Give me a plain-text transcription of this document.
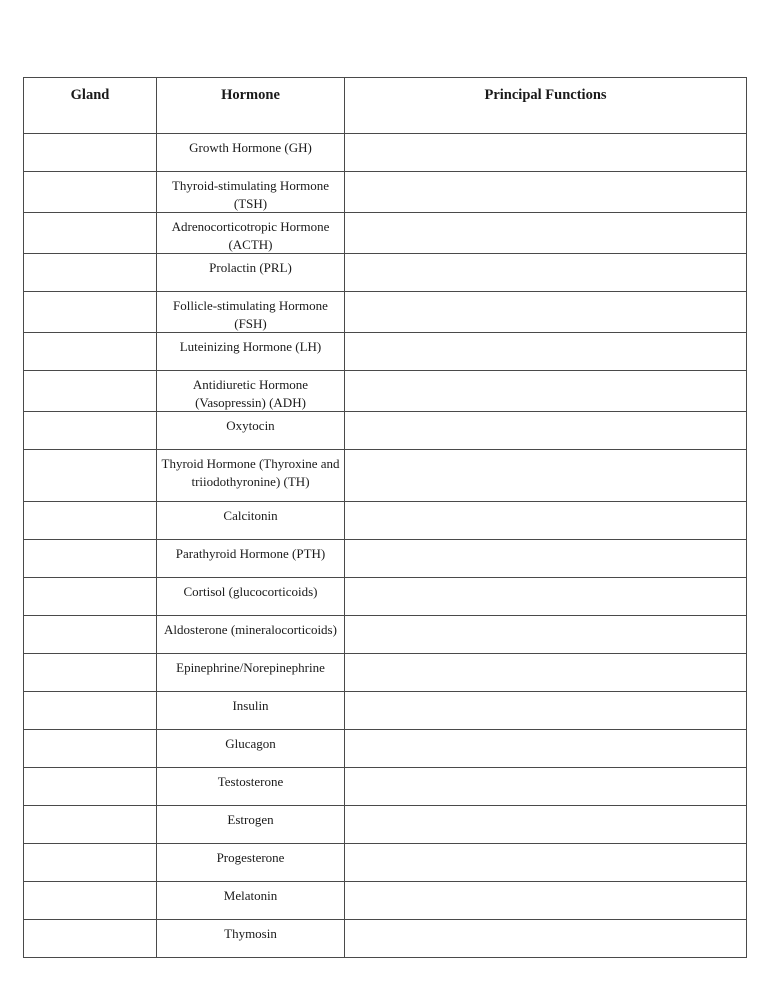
Gland	Hormone	Principal Functions
	Growth Hormone (GH)	
	Thyroid-stimulating Hormone (TSH)	
	Adrenocorticotropic Hormone (ACTH)	
	Prolactin (PRL)	
	Follicle-stimulating Hormone (FSH)	
	Luteinizing Hormone (LH)	
	Antidiuretic Hormone (Vasopressin) (ADH)	
	Oxytocin	
	Thyroid Hormone (Thyroxine and triiodothyronine) (TH)	
	Calcitonin	
	Parathyroid Hormone (PTH)	
	Cortisol (glucocorticoids)	
	Aldosterone (mineralocorticoids)	
	Epinephrine/Norepinephrine	
	Insulin	
	Glucagon	
	Testosterone	
	Estrogen	
	Progesterone	
	Melatonin	
	Thymosin	
